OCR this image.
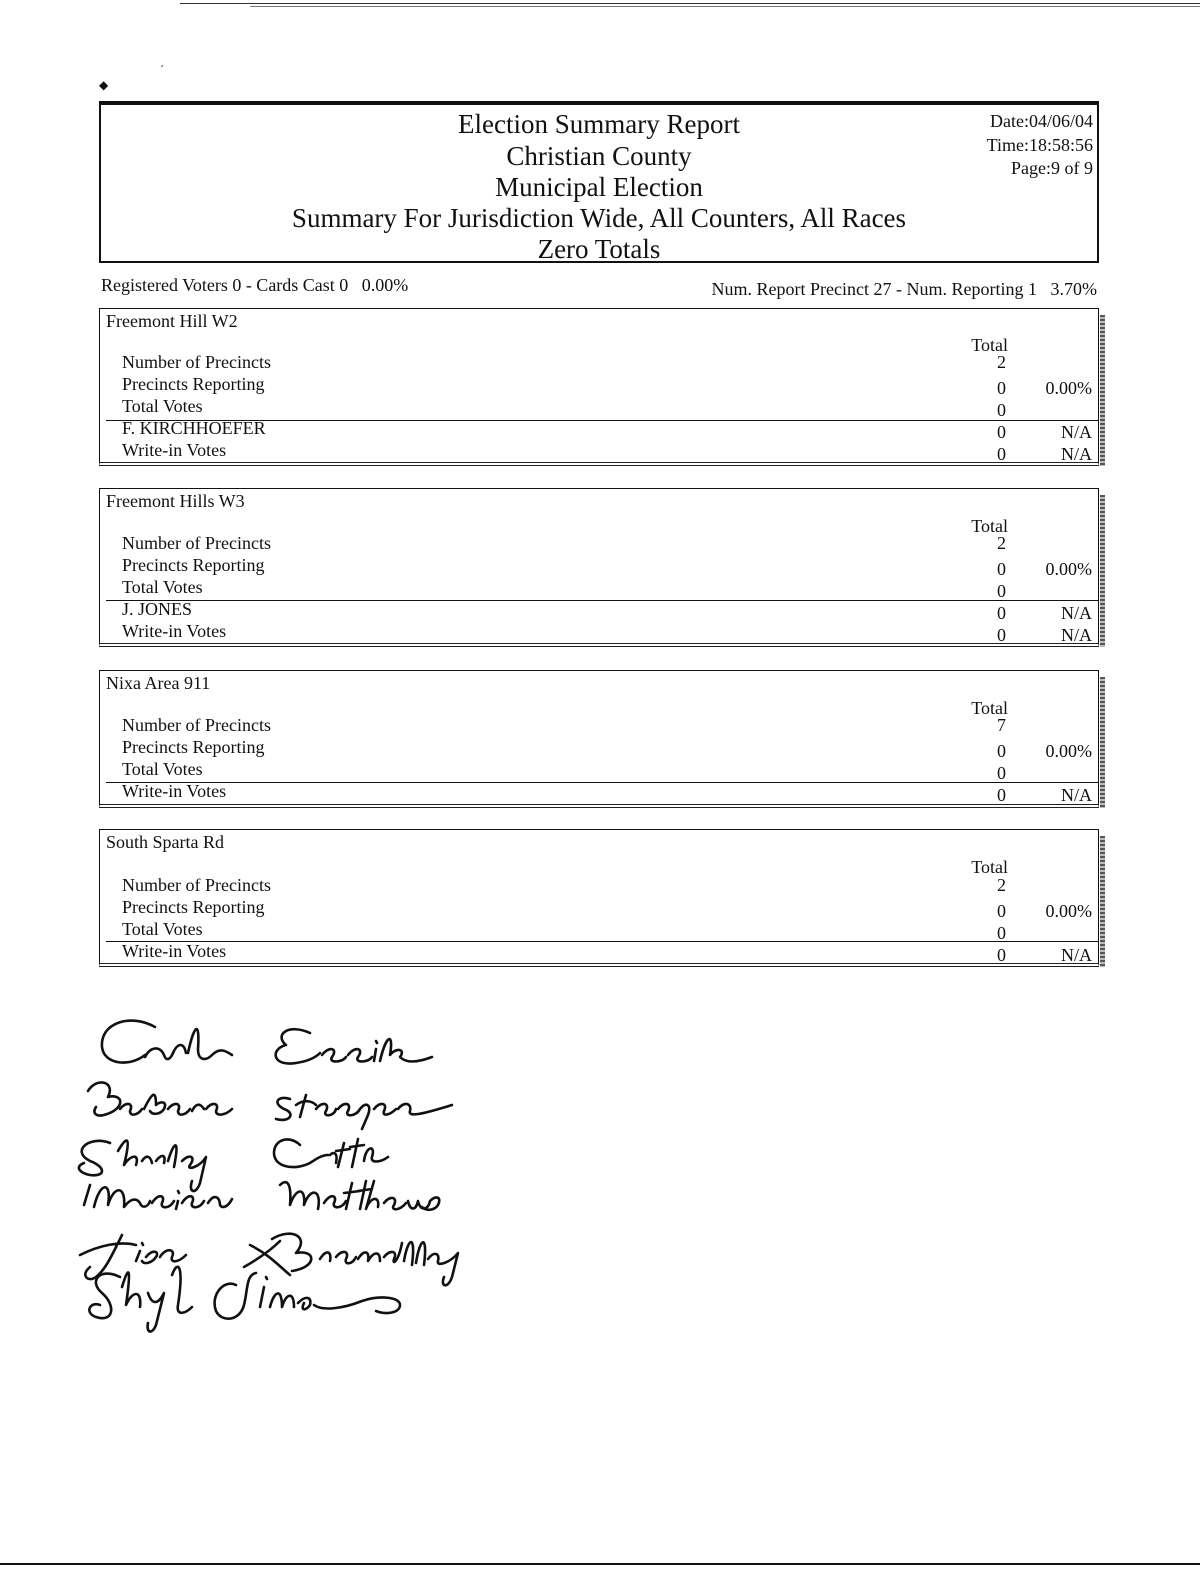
◆
′
Election Summary Report
Christian County
Municipal Election
Summary For Jurisdiction Wide, All Counters, All Races
Zero Totals
Date:04/06/04
Time:18:58:56
Page:9 of 9
Registered Voters 0 - Cards Cast 0   0.00%	Num. Report Precinct 27 - Num. Reporting 1   3.70%
Freemont Hill W2
Total
Number of Precincts	2
Precincts Reporting	0	0.00%
Total Votes	0
F. KIRCHHOEFER	0	N/A
Write-in Votes	0	N/A
Freemont Hills W3
Total
Number of Precincts	2
Precincts Reporting	0	0.00%
Total Votes	0
J. JONES	0	N/A
Write-in Votes	0	N/A
Nixa Area 911
Total
Number of Precincts	7
Precincts Reporting	0	0.00%
Total Votes	0
Write-in Votes	0	N/A
South Sparta Rd
Total
Number of Precincts	2
Precincts Reporting	0	0.00%
Total Votes	0
Write-in Votes	0	N/A
